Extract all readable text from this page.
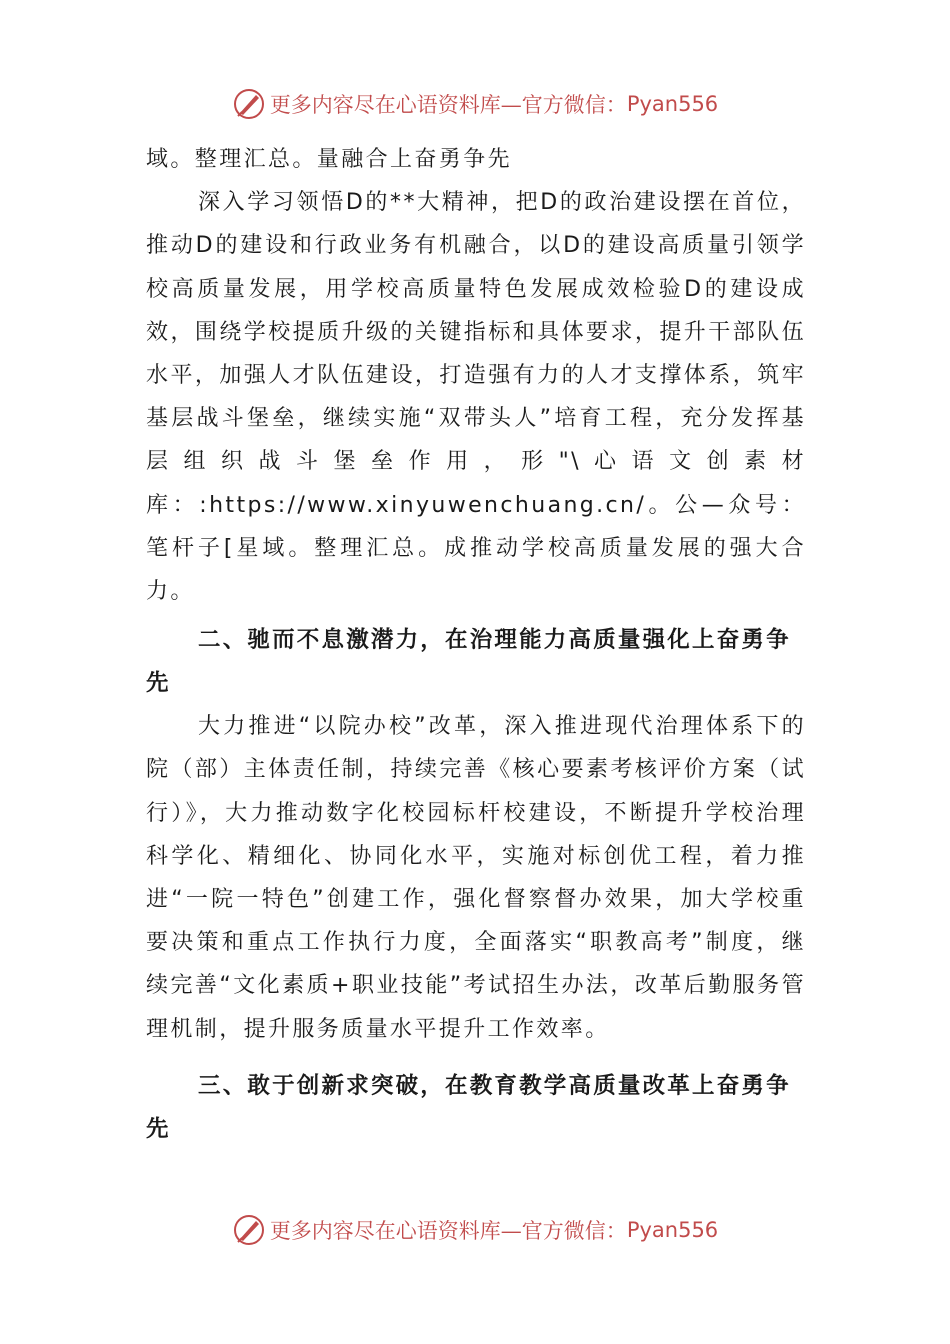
更多内容尽在心语资料库—官方微信： Pyan556

域。整理汇总。量融合上奋勇争先

深入学习领悟D的**大精神，把D的政治建设摆在首位，推动D的建设和行政业务有机融合，以D的建设高质量引领学校高质量发展，用学校高质量特色发展成效检验D的建设成效，围绕学校提质升级的关键指标和具体要求，提升干部队伍水平，加强人才队伍建设，打造强有力的人才支撑体系，筑牢基层战斗堡垒，继续实施“双带头人”培育工程，充分发挥基层组织战斗堡垒作用，形"\心语文创素材库：:https://www.xinyuwenchuang.cn/。公—众号：笔杆子[星域。整理汇总。成推动学校高质量发展的强大合力。

二、驰而不息激潜力，在治理能力高质量强化上奋勇争先

大力推进“以院办校”改革，深入推进现代治理体系下的院（部）主体责任制，持续完善《核心要素考核评价方案（试行）》，大力推动数字化校园标杆校建设，不断提升学校治理科学化、精细化、协同化水平，实施对标创优工程，着力推进“一院一特色”创建工作，强化督察督办效果，加大学校重要决策和重点工作执行力度，全面落实“职教高考”制度，继续完善“文化素质+职业技能”考试招生办法，改革后勤服务管理机制，提升服务质量水平提升工作效率。

三、敢于创新求突破，在教育教学高质量改革上奋勇争先

更多内容尽在心语资料库—官方微信： Pyan556
